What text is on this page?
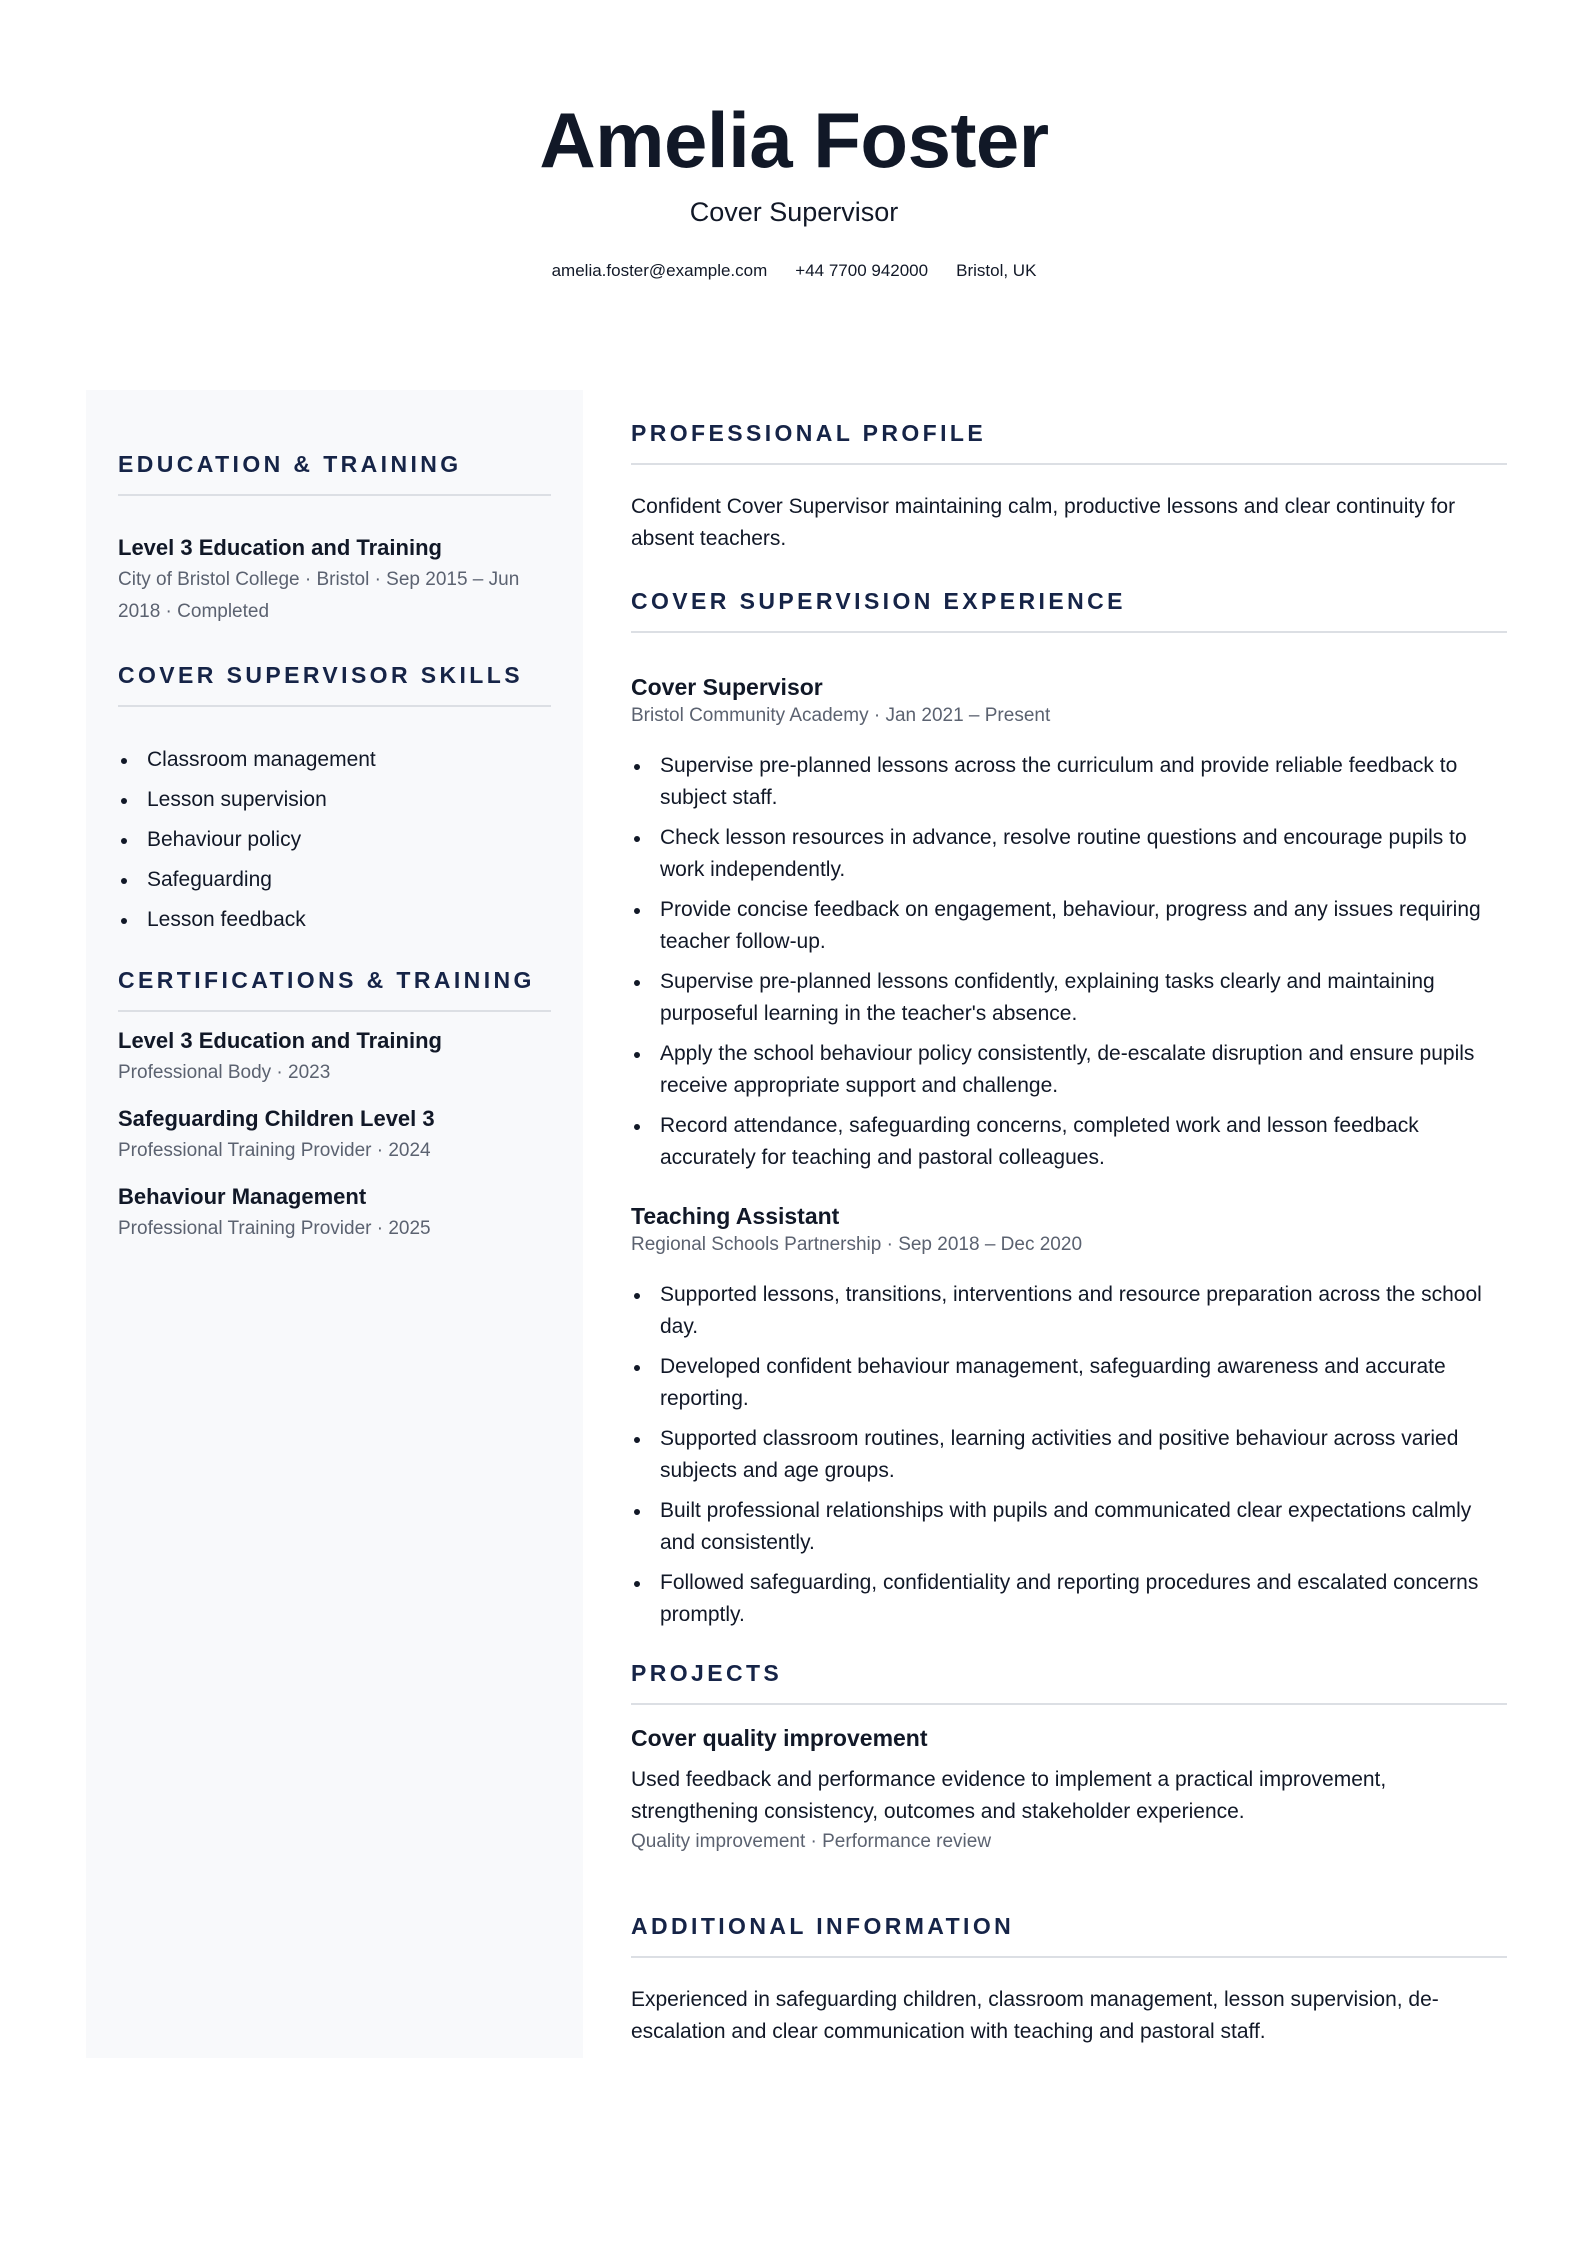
Amelia Foster
Cover Supervisor
amelia.foster@example.com +44 7700 942000 Bristol, UK
EDUCATION & TRAINING
Level 3 Education and Training
City of Bristol College · Bristol · Sep 2015 – Jun 2018 · Completed
COVER SUPERVISOR SKILLS
Classroom management
Lesson supervision
Behaviour policy
Safeguarding
Lesson feedback
CERTIFICATIONS & TRAINING
Level 3 Education and Training
Professional Body · 2023
Safeguarding Children Level 3
Professional Training Provider · 2024
Behaviour Management
Professional Training Provider · 2025
PROFESSIONAL PROFILE
Confident Cover Supervisor maintaining calm, productive lessons and clear continuity for absent teachers.
COVER SUPERVISION EXPERIENCE
Cover Supervisor
Bristol Community Academy · Jan 2021 – Present
Supervise pre-planned lessons across the curriculum and provide reliable feedback to subject staff.
Check lesson resources in advance, resolve routine questions and encourage pupils to work independently.
Provide concise feedback on engagement, behaviour, progress and any issues requiring teacher follow-up.
Supervise pre-planned lessons confidently, explaining tasks clearly and maintaining purposeful learning in the teacher's absence.
Apply the school behaviour policy consistently, de-escalate disruption and ensure pupils receive appropriate support and challenge.
Record attendance, safeguarding concerns, completed work and lesson feedback accurately for teaching and pastoral colleagues.
Teaching Assistant
Regional Schools Partnership · Sep 2018 – Dec 2020
Supported lessons, transitions, interventions and resource preparation across the school day.
Developed confident behaviour management, safeguarding awareness and accurate reporting.
Supported classroom routines, learning activities and positive behaviour across varied subjects and age groups.
Built professional relationships with pupils and communicated clear expectations calmly and consistently.
Followed safeguarding, confidentiality and reporting procedures and escalated concerns promptly.
PROJECTS
Cover quality improvement
Used feedback and performance evidence to implement a practical improvement, strengthening consistency, outcomes and stakeholder experience.
Quality improvement · Performance review
ADDITIONAL INFORMATION
Experienced in safeguarding children, classroom management, lesson supervision, de-escalation and clear communication with teaching and pastoral staff.
